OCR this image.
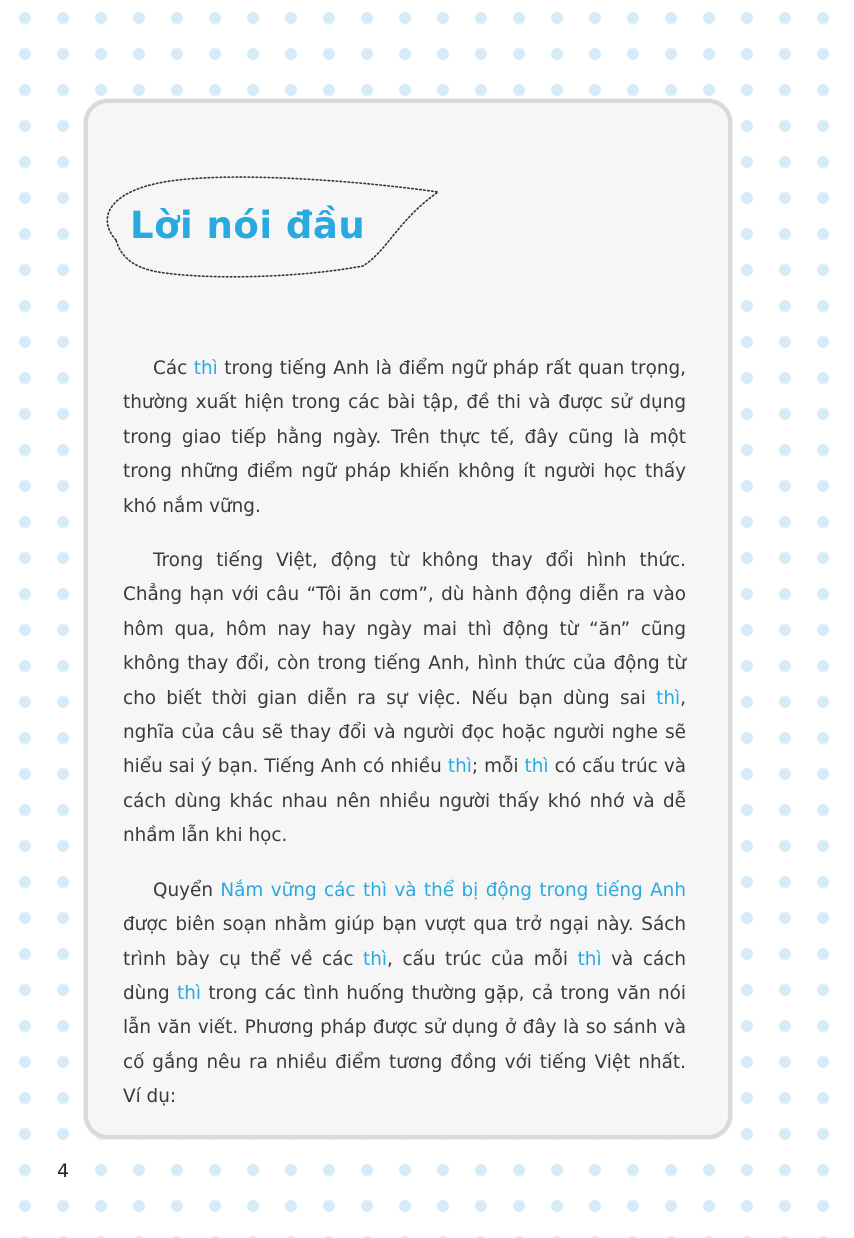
Lời nói đầu

Các thì trong tiếng Anh là điểm ngữ pháp rất quan trọng, thường xuất hiện trong các bài tập, đề thi và được sử dụng trong giao tiếp hằng ngày. Trên thực tế, đây cũng là một trong những điểm ngữ pháp khiến không ít người học thấy khó nắm vững.

Trong tiếng Việt, động từ không thay đổi hình thức. Chẳng hạn với câu “Tôi ăn cơm”, dù hành động diễn ra vào hôm qua, hôm nay hay ngày mai thì động từ “ăn” cũng không thay đổi, còn trong tiếng Anh, hình thức của động từ cho biết thời gian diễn ra sự việc. Nếu bạn dùng sai thì, nghĩa của câu sẽ thay đổi và người đọc hoặc người nghe sẽ hiểu sai ý bạn. Tiếng Anh có nhiều thì; mỗi thì có cấu trúc và cách dùng khác nhau nên nhiều người thấy khó nhớ và dễ nhầm lẫn khi học.

Quyển Nắm vững các thì và thể bị động trong tiếng Anh được biên soạn nhằm giúp bạn vượt qua trở ngại này. Sách trình bày cụ thể về các thì, cấu trúc của mỗi thì và cách dùng thì trong các tình huống thường gặp, cả trong văn nói lẫn văn viết. Phương pháp được sử dụng ở đây là so sánh và cố gắng nêu ra nhiều điểm tương đồng với tiếng Việt nhất. Ví dụ:

4
